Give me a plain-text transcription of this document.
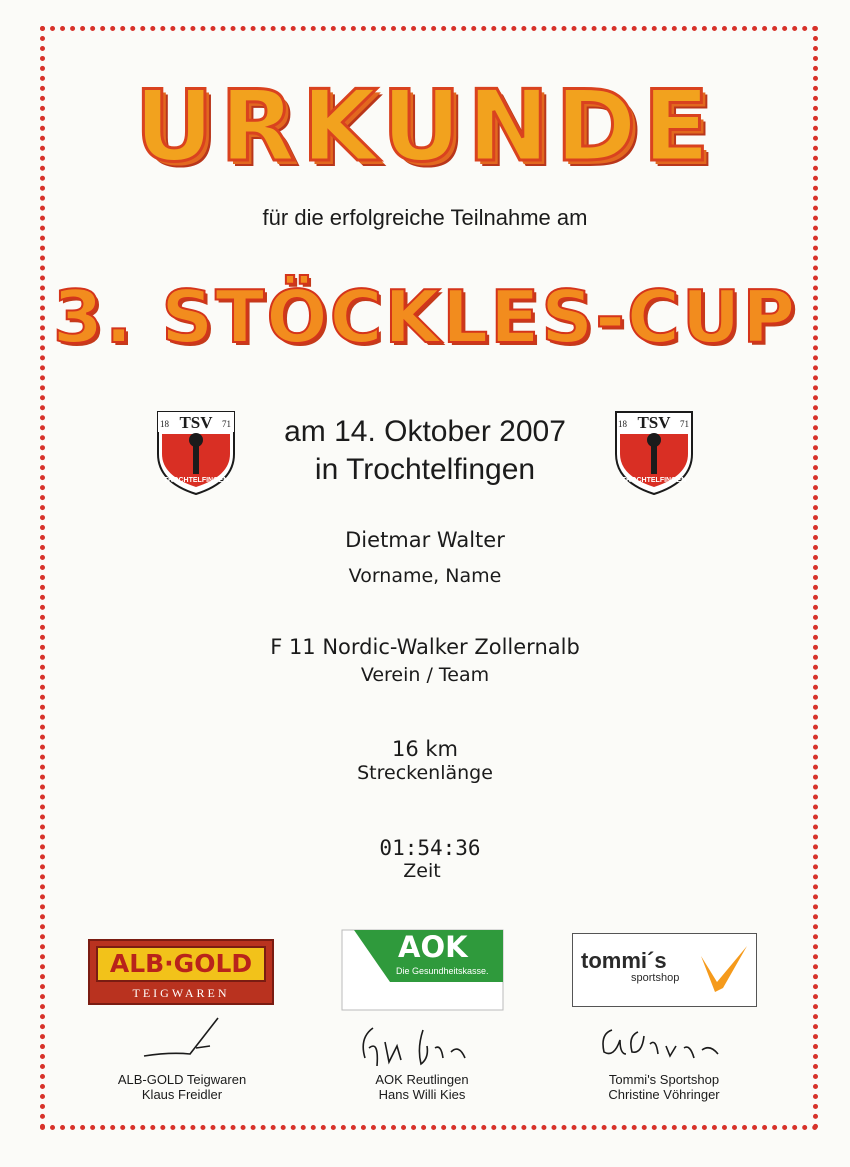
URKUNDE
für die erfolgreiche Teilnahme am
3. STÖCKLES-CUP
18 TSV 71
TROCHTELFINGEN
am 14. Oktober 2007
in Trochtelfingen
18 TSV 71
TROCHTELFINGEN
Dietmar Walter
Vorname, Name
F 11 Nordic-Walker Zollernalb
Verein / Team
16 km
Streckenlänge
01:54:36
Zeit
ALB·GOLD
TEIGWAREN
AOK
Die Gesundheitskasse.	tommi´s
sportshop
ALB-GOLD Teigwaren
Klaus Freidler
AOK Reutlingen
Hans Willi Kies
Tommi's Sportshop
Christine Vöhringer
